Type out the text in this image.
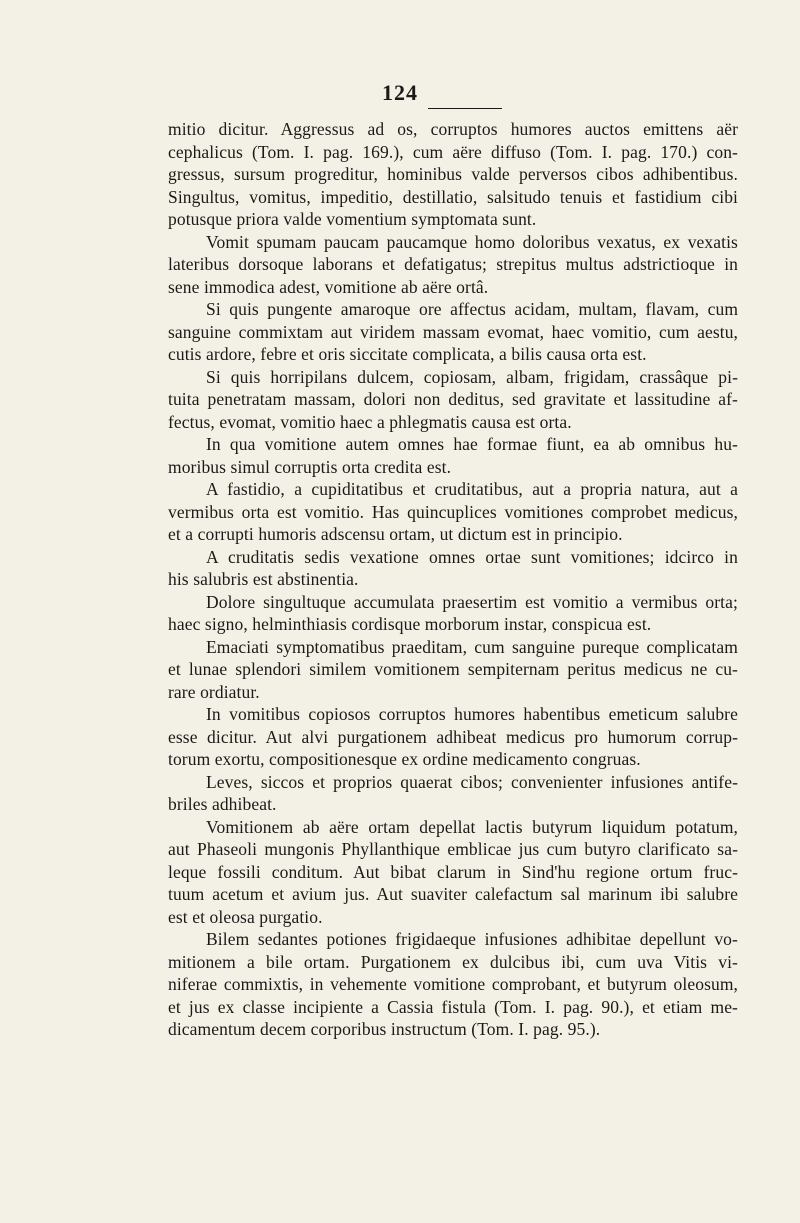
124
mitio dicitur. Aggressus ad os, corruptos humores auctos emittens aër
cephalicus (Tom. I. pag. 169.), cum aëre diffuso (Tom. I. pag. 170.) con-
gressus, sursum progreditur, hominibus valde perversos cibos adhibentibus.
Singultus, vomitus, impeditio, destillatio, salsitudo tenuis et fastidium cibi
potusque priora valde vomentium symptomata sunt.
Vomit spumam paucam paucamque homo doloribus vexatus, ex vexatis
lateribus dorsoque laborans et defatigatus; strepitus multus adstrictioque in
sene immodica adest, vomitione ab aëre ortâ.
Si quis pungente amaroque ore affectus acidam, multam, flavam, cum
sanguine commixtam aut viridem massam evomat, haec vomitio, cum aestu,
cutis ardore, febre et oris siccitate complicata, a bilis causa orta est.
Si quis horripilans dulcem, copiosam, albam, frigidam, crassâque pi-
tuita penetratam massam, dolori non deditus, sed gravitate et lassitudine af-
fectus, evomat, vomitio haec a phlegmatis causa est orta.
In qua vomitione autem omnes hae formae fiunt, ea ab omnibus hu-
moribus simul corruptis orta credita est.
A fastidio, a cupiditatibus et cruditatibus, aut a propria natura, aut a
vermibus orta est vomitio. Has quincuplices vomitiones comprobet medicus,
et a corrupti humoris adscensu ortam, ut dictum est in principio.
A cruditatis sedis vexatione omnes ortae sunt vomitiones; idcirco in
his salubris est abstinentia.
Dolore singultuque accumulata praesertim est vomitio a vermibus orta;
haec signo, helminthiasis cordisque morborum instar, conspicua est.
Emaciati symptomatibus praeditam, cum sanguine pureque complicatam
et lunae splendori similem vomitionem sempiternam peritus medicus ne cu-
rare ordiatur.
In vomitibus copiosos corruptos humores habentibus emeticum salubre
esse dicitur. Aut alvi purgationem adhibeat medicus pro humorum corrup-
torum exortu, compositionesque ex ordine medicamento congruas.
Leves, siccos et proprios quaerat cibos; convenienter infusiones antife-
briles adhibeat.
Vomitionem ab aëre ortam depellat lactis butyrum liquidum potatum,
aut Phaseoli mungonis Phyllanthique emblicae jus cum butyro clarificato sa-
leque fossili conditum. Aut bibat clarum in Sind'hu regione ortum fruc-
tuum acetum et avium jus. Aut suaviter calefactum sal marinum ibi salubre
est et oleosa purgatio.
Bilem sedantes potiones frigidaeque infusiones adhibitae depellunt vo-
mitionem a bile ortam. Purgationem ex dulcibus ibi, cum uva Vitis vi-
niferae commixtis, in vehemente vomitione comprobant, et butyrum oleosum,
et jus ex classe incipiente a Cassia fistula (Tom. I. pag. 90.), et etiam me-
dicamentum decem corporibus instructum (Tom. I. pag. 95.).
